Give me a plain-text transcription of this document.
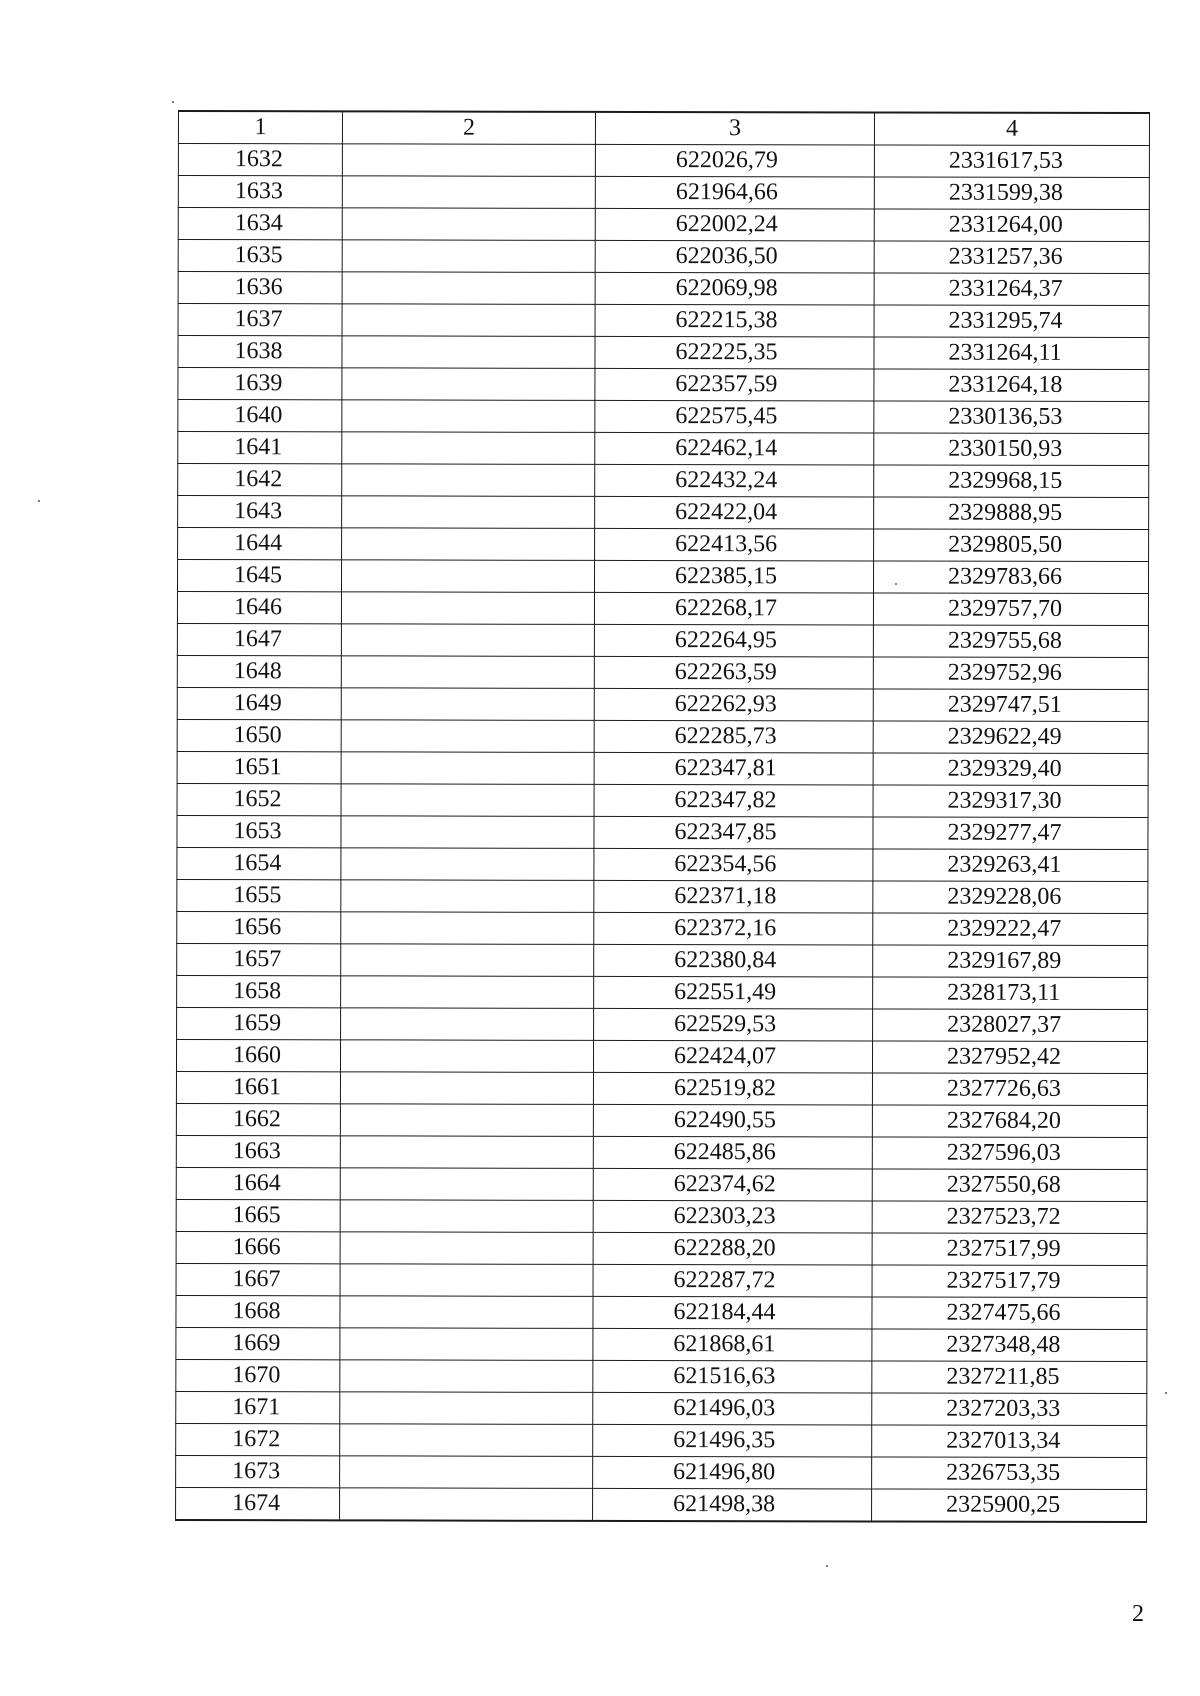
1	2	3	4
1632		622026,79	2331617,53
1633		621964,66	2331599,38
1634		622002,24	2331264,00
1635		622036,50	2331257,36
1636		622069,98	2331264,37
1637		622215,38	2331295,74
1638		622225,35	2331264,11
1639		622357,59	2331264,18
1640		622575,45	2330136,53
1641		622462,14	2330150,93
1642		622432,24	2329968,15
1643		622422,04	2329888,95
1644		622413,56	2329805,50
1645		622385,15	2329783,66
1646		622268,17	2329757,70
1647		622264,95	2329755,68
1648		622263,59	2329752,96
1649		622262,93	2329747,51
1650		622285,73	2329622,49
1651		622347,81	2329329,40
1652		622347,82	2329317,30
1653		622347,85	2329277,47
1654		622354,56	2329263,41
1655		622371,18	2329228,06
1656		622372,16	2329222,47
1657		622380,84	2329167,89
1658		622551,49	2328173,11
1659		622529,53	2328027,37
1660		622424,07	2327952,42
1661		622519,82	2327726,63
1662		622490,55	2327684,20
1663		622485,86	2327596,03
1664		622374,62	2327550,68
1665		622303,23	2327523,72
1666		622288,20	2327517,99
1667		622287,72	2327517,79
1668		622184,44	2327475,66
1669		621868,61	2327348,48
1670		621516,63	2327211,85
1671		621496,03	2327203,33
1672		621496,35	2327013,34
1673		621496,80	2326753,35
1674		621498,38	2325900,25
2
